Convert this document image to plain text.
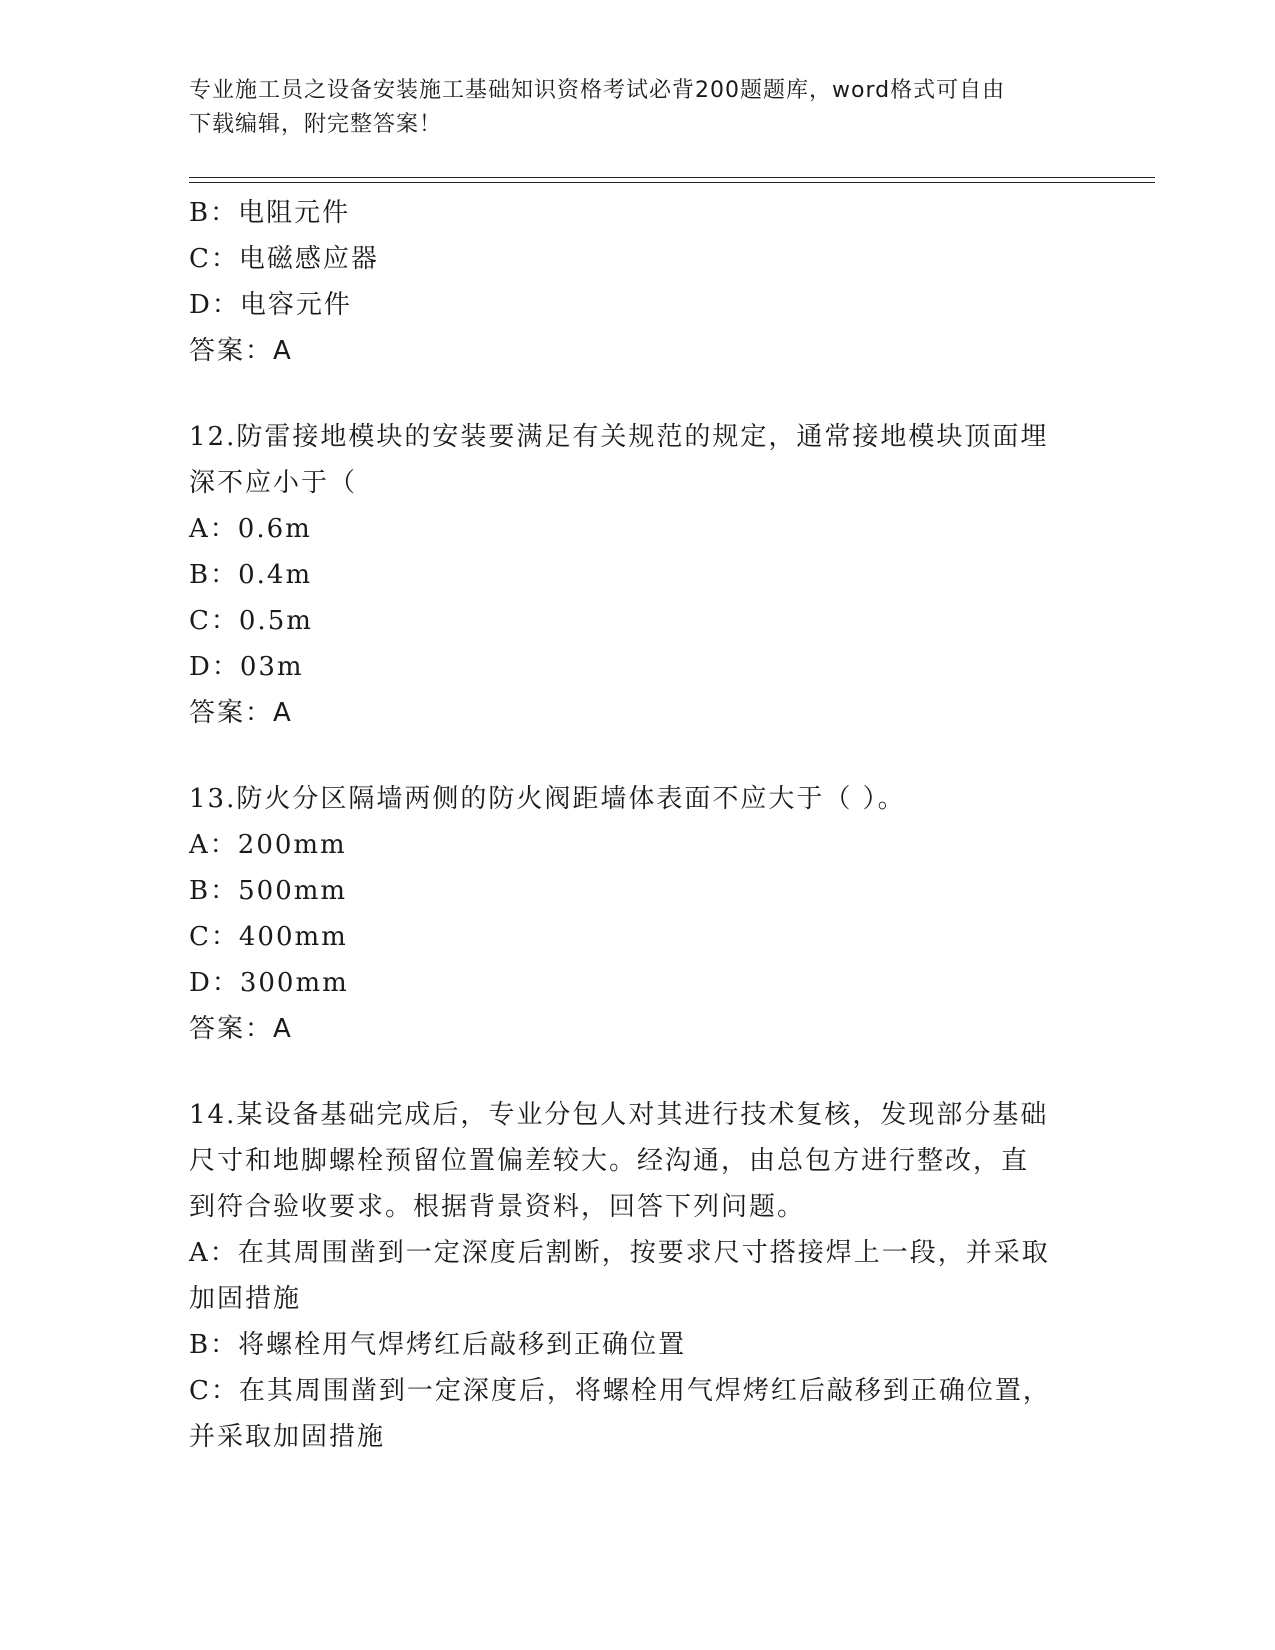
专业施工员之设备安装施工基础知识资格考试必背200题题库，word格式可自由
下载编辑，附完整答案！
B：电阻元件
C：电磁感应器
D：电容元件
答案：A
12.防雷接地模块的安装要满足有关规范的规定，通常接地模块顶面埋
深不应小于（
A：0.6m
B：0.4m
C：0.5m
D：03m
答案：A
13.防火分区隔墙两侧的防火阀距墙体表面不应大于（ ）。
A：200mm
B：500mm
C：400mm
D：300mm
答案：A
14.某设备基础完成后，专业分包人对其进行技术复核，发现部分基础
尺寸和地脚螺栓预留位置偏差较大。经沟通，由总包方进行整改，直
到符合验收要求。根据背景资料，回答下列问题。
A：在其周围凿到一定深度后割断，按要求尺寸搭接焊上一段，并采取
加固措施
B：将螺栓用气焊烤红后敲移到正确位置
C：在其周围凿到一定深度后，将螺栓用气焊烤红后敲移到正确位置，
并采取加固措施
